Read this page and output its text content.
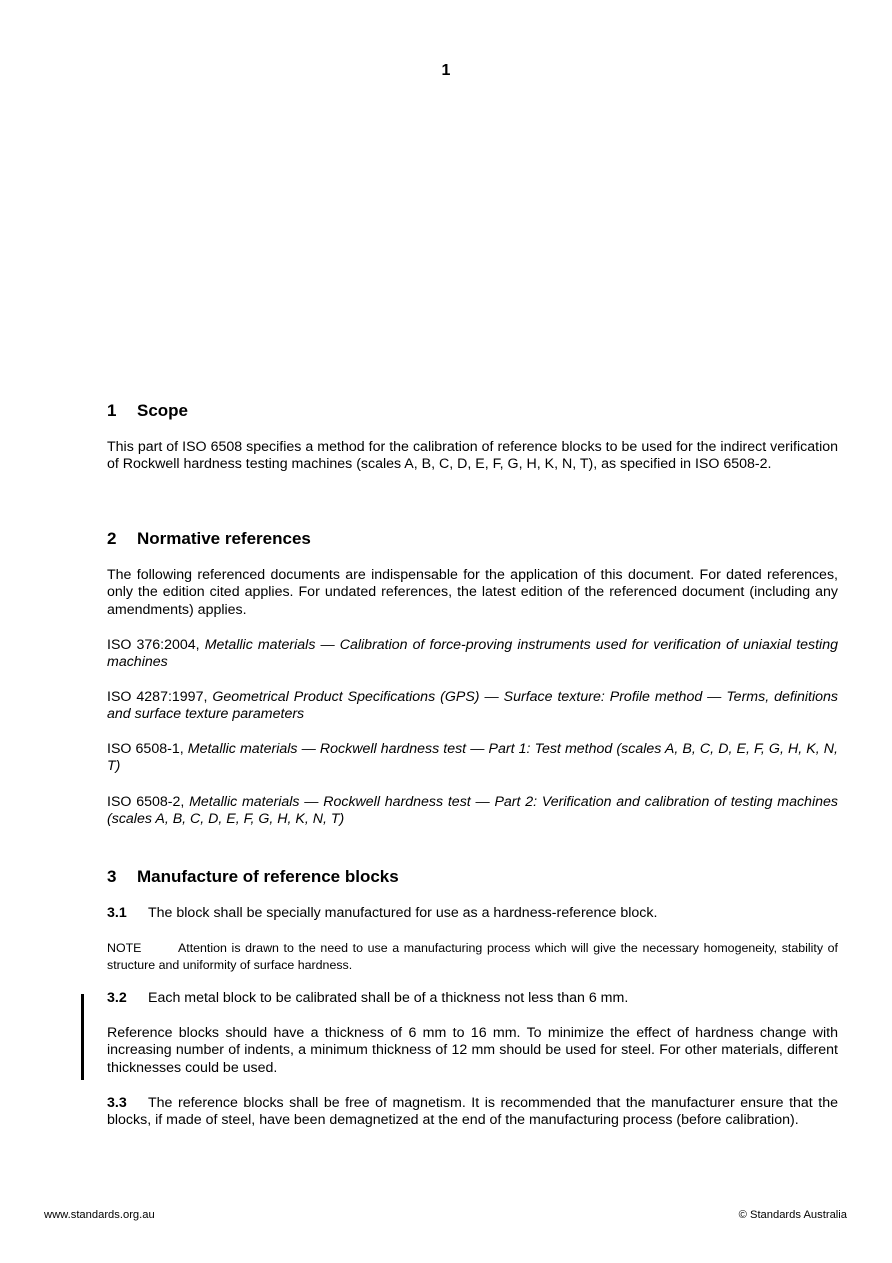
1
1 Scope

This part of ISO 6508 specifies a method for the calibration of reference blocks to be used for the indirect verification of Rockwell hardness testing machines (scales A, B, C, D, E, F, G, H, K, N, T), as specified in ISO 6508-2.

2 Normative references

The following referenced documents are indispensable for the application of this document. For dated references, only the edition cited applies. For undated references, the latest edition of the referenced document (including any amendments) applies.

ISO 376:2004, Metallic materials — Calibration of force-proving instruments used for verification of uniaxial testing machines

ISO 4287:1997, Geometrical Product Specifications (GPS) — Surface texture: Profile method — Terms, definitions and surface texture parameters

ISO 6508-1, Metallic materials — Rockwell hardness test — Part 1: Test method (scales A, B, C, D, E, F, G, H, K, N, T)

ISO 6508-2, Metallic materials — Rockwell hardness test — Part 2: Verification and calibration of testing machines (scales A, B, C, D, E, F, G, H, K, N, T)

3 Manufacture of reference blocks

3.1 The block shall be specially manufactured for use as a hardness-reference block.

NOTE	Attention is drawn to the need to use a manufacturing process which will give the necessary homogeneity, stability of structure and uniformity of surface hardness.

3.2 Each metal block to be calibrated shall be of a thickness not less than 6 mm.

Reference blocks should have a thickness of 6 mm to 16 mm. To minimize the effect of hardness change with increasing number of indents, a minimum thickness of 12 mm should be used for steel. For other materials, different thicknesses could be used.

3.3 The reference blocks shall be free of magnetism. It is recommended that the manufacturer ensure that the blocks, if made of steel, have been demagnetized at the end of the manufacturing process (before calibration).

www.standards.org.au	© Standards Australia
